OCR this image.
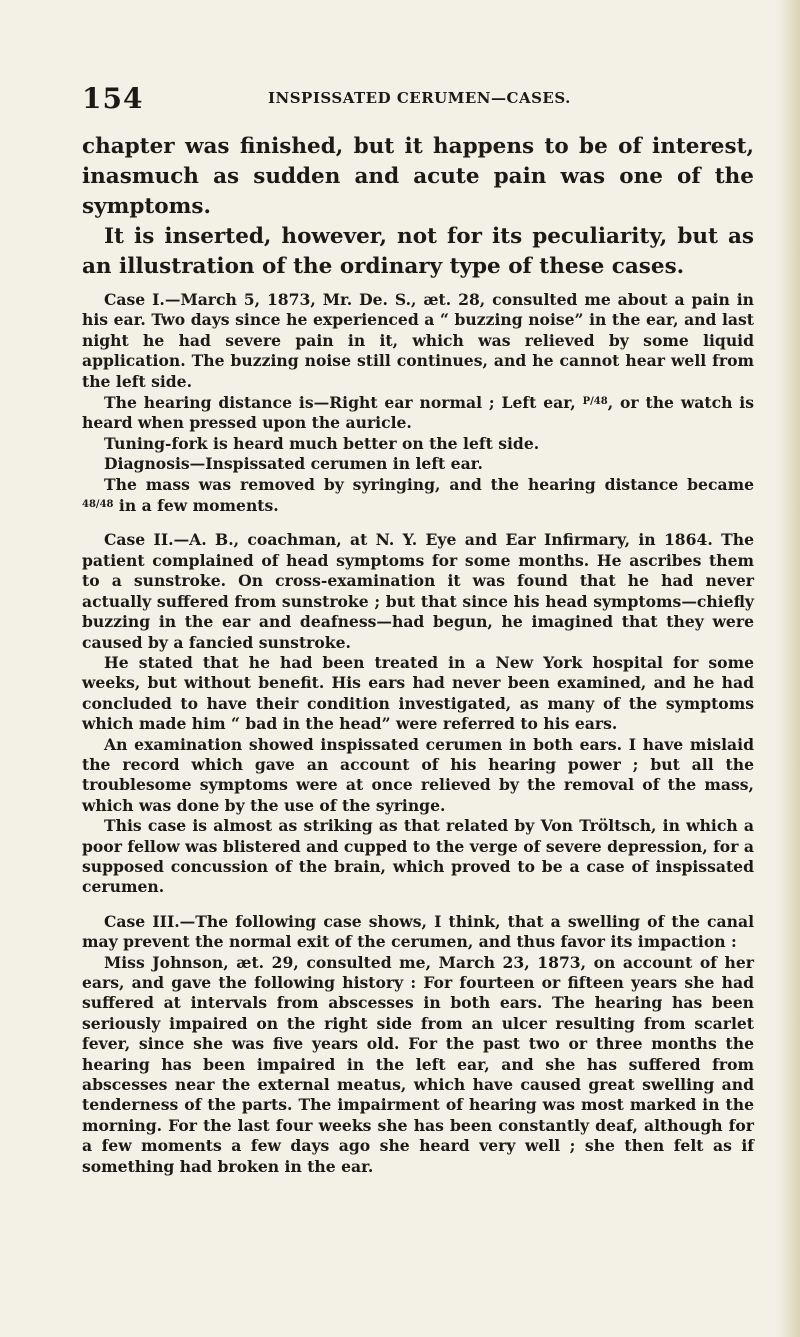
154	INSPISSATED CERUMEN—CASES.

chapter was finished, but it happens to be of interest, inasmuch as sudden and acute pain was one of the symptoms.

It is inserted, however, not for its peculiarity, but as an illustration of the ordinary type of these cases.

Case I.—March 5, 1873, Mr. De. S., æt. 28, consulted me about a pain in his ear. Two days since he experienced a “ buzzing noise” in the ear, and last night he had severe pain in it, which was relieved by some liquid application. The buzzing noise still continues, and he cannot hear well from the left side.

The hearing distance is—Right ear normal ; Left ear, $^{P/48}$, or the watch is heard when pressed upon the auricle.

Tuning-fork is heard much better on the left side.

Diagnosis—Inspissated cerumen in left ear.

The mass was removed by syringing, and the hearing distance became $^{48/48}$ in a few moments.

Case II.—A. B., coachman, at N. Y. Eye and Ear Infirmary, in 1864. The patient complained of head symptoms for some months. He ascribes them to a sunstroke. On cross-examination it was found that he had never actually suffered from sunstroke ; but that since his head symptoms—chiefly buzzing in the ear and deafness—had begun, he imagined that they were caused by a fancied sunstroke.

He stated that he had been treated in a New York hospital for some weeks, but without benefit. His ears had never been examined, and he had concluded to have their condition investigated, as many of the symptoms which made him “ bad in the head” were referred to his ears.

An examination showed inspissated cerumen in both ears. I have mislaid the record which gave an account of his hearing power ; but all the troublesome symptoms were at once relieved by the removal of the mass, which was done by the use of the syringe.

This case is almost as striking as that related by Von Tröltsch, in which a poor fellow was blistered and cupped to the verge of severe depression, for a supposed concussion of the brain, which proved to be a case of inspissated cerumen.

Case III.—The following case shows, I think, that a swelling of the canal may prevent the normal exit of the cerumen, and thus favor its impaction :

Miss Johnson, æt. 29, consulted me, March 23, 1873, on account of her ears, and gave the following history : For fourteen or fifteen years she had suffered at intervals from abscesses in both ears. The hearing has been seriously impaired on the right side from an ulcer resulting from scarlet fever, since she was five years old. For the past two or three months the hearing has been impaired in the left ear, and she has suffered from abscesses near the external meatus, which have caused great swelling and tenderness of the parts. The impairment of hearing was most marked in the morning. For the last four weeks she has been constantly deaf, although for a few moments a few days ago she heard very well ; she then felt as if something had broken in the ear.
